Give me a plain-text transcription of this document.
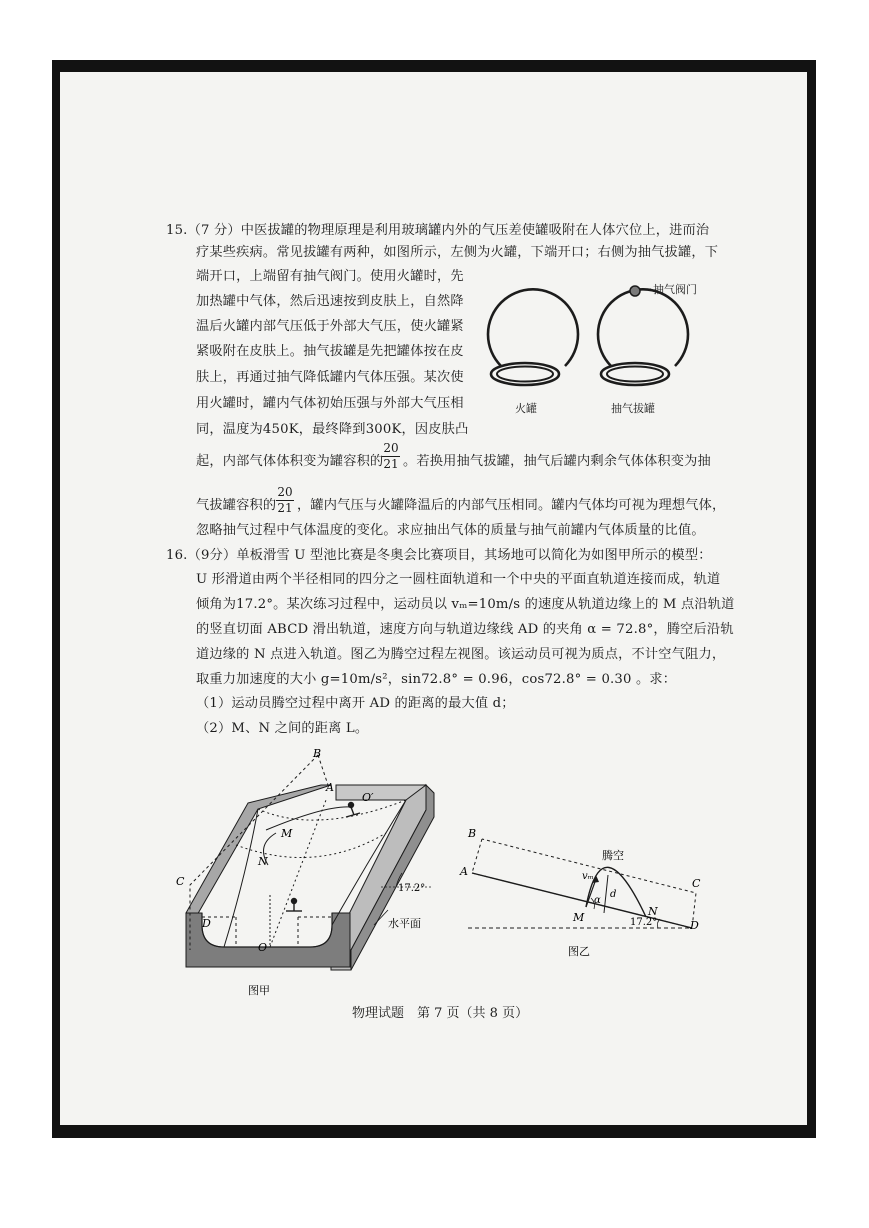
15.（7 分）中医拔罐的物理原理是利用玻璃罐内外的气压差使罐吸附在人体穴位上，进而治
疗某些疾病。常见拔罐有两种，如图所示，左侧为火罐，下端开口；右侧为抽气拔罐，下
端开口，上端留有抽气阀门。使用火罐时，先
加热罐中气体，然后迅速按到皮肤上，自然降
温后火罐内部气压低于外部大气压，使火罐紧
紧吸附在皮肤上。抽气拔罐是先把罐体按在皮
肤上，再通过抽气降低罐内气体压强。某次使
用火罐时，罐内气体初始压强与外部大气压相
同，温度为450K，最终降到300K，因皮肤凸
起，内部气体体积变为罐容积的
20
21 。若换用抽气拔罐，抽气后罐内剩余气体体积变为抽
气拔罐容积的
20
21 ，罐内气压与火罐降温后的内部气压相同。罐内气体均可视为理想气体，
忽略抽气过程中气体温度的变化。求应抽出气体的质量与抽气前罐内气体质量的比值。
抽气阀门
火罐	抽气拔罐
16.（9分）单板滑雪 U 型池比赛是冬奥会比赛项目，其场地可以简化为如图甲所示的模型：
U 形滑道由两个半径相同的四分之一圆柱面轨道和一个中央的平面直轨道连接而成，轨道
倾角为17.2°。某次练习过程中，运动员以 vₘ=10m/s 的速度从轨道边缘上的 M 点沿轨道
的竖直切面 ABCD 滑出轨道，速度方向与轨道边缘线 AD 的夹角 α = 72.8°，腾空后沿轨
道边缘的 N 点进入轨道。图乙为腾空过程左视图。该运动员可视为质点，不计空气阻力，
取重力加速度的大小 g=10m/s²，sin72.8° = 0.96，cos72.8° = 0.30 。求：
（1）运动员腾空过程中离开 AD 的距离的最大值 d；
（2）M、N 之间的距离 L。
B
A
O′
M
N
C
D
O
17.2°
水平面
图甲
B
A
C
D
M	N
vₘ
α
d
17.2°
腾空
图乙
物理试题　第 7 页（共 8 页）
